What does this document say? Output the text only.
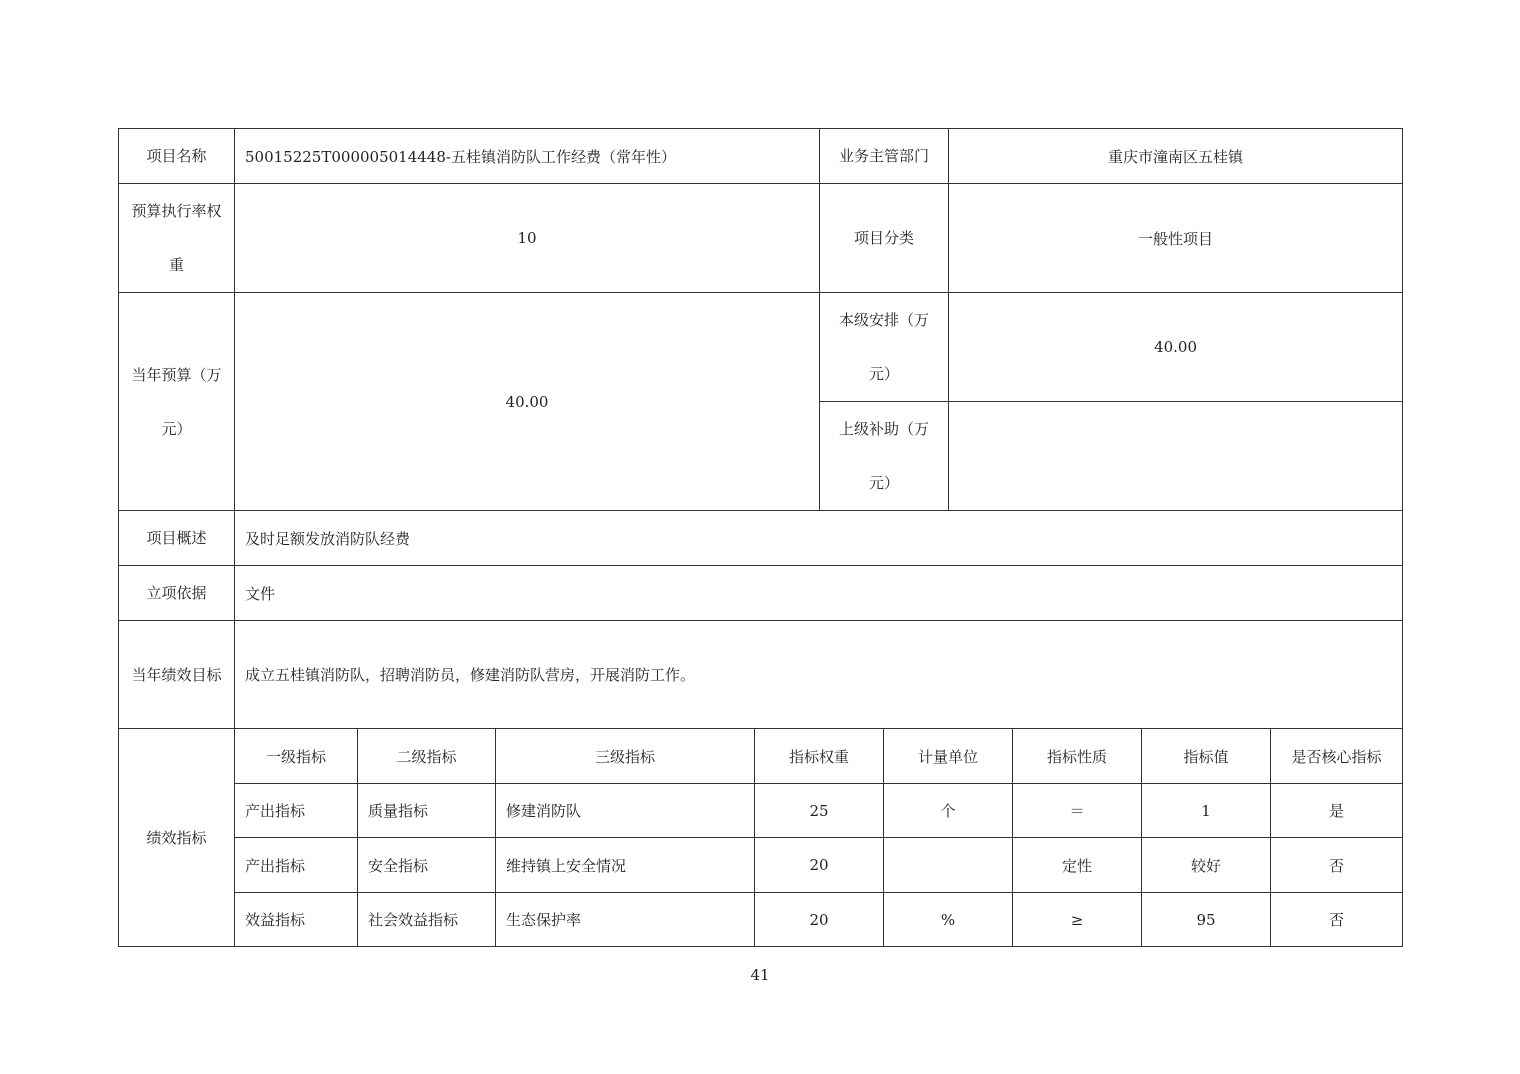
项目名称	50015225T000005014448-五桂镇消防队工作经费（常年性）				业务主管部门		重庆市潼南区五桂镇			
预算执行率权重	10				项目分类		一般性项目			
当年预算（万元）	40.00				本级安排（万元）		40.00			
					上级补助（万元）					
项目概述	及时足额发放消防队经费									
立项依据	文件									
当年绩效目标	成立五桂镇消防队，招聘消防员，修建消防队营房，开展消防工作。									
绩效指标	一级指标	二级指标	三级指标	指标权重		计量单位		指标性质	指标值	是否核心指标
	产出指标	质量指标	修建消防队	25		个		＝	1	是
	产出指标	安全指标	维持镇上安全情况	20				定性	较好	否
	效益指标	社会效益指标	生态保护率	20		%		≥	95	否
41
